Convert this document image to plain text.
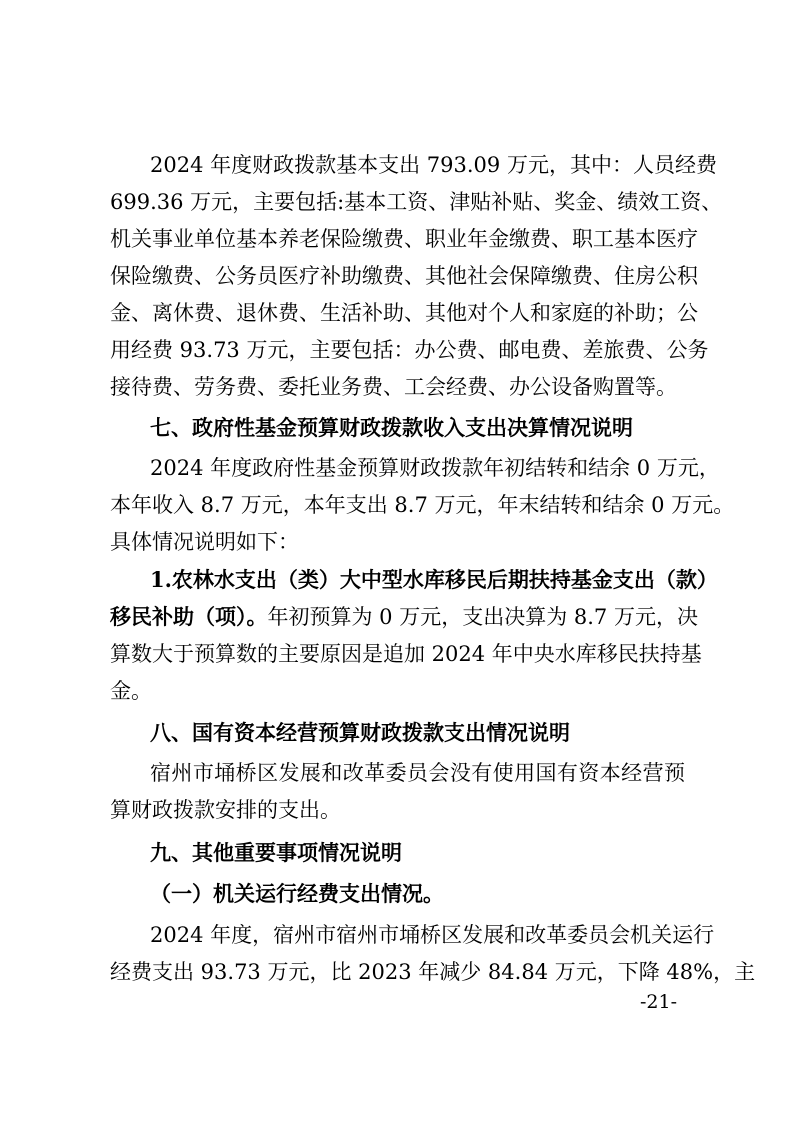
2024 年度财政拨款基本支出 793.09 万元，其中：人员经费
699.36 万元，主要包括:基本工资、津贴补贴、奖金、绩效工资、
机关事业单位基本养老保险缴费、职业年金缴费、职工基本医疗
保险缴费、公务员医疗补助缴费、其他社会保障缴费、住房公积
金、离休费、退休费、生活补助、其他对个人和家庭的补助；公
用经费 93.73 万元，主要包括：办公费、邮电费、差旅费、公务
接待费、劳务费、委托业务费、工会经费、办公设备购置等。
七、政府性基金预算财政拨款收入支出决算情况说明
2024 年度政府性基金预算财政拨款年初结转和结余 0 万元，
本年收入 8.7 万元，本年支出 8.7 万元，年末结转和结余 0 万元。
具体情况说明如下：
1.农林水支出（类）大中型水库移民后期扶持基金支出（款）
移民补助（项）。年初预算为 0 万元，支出决算为 8.7 万元，决
算数大于预算数的主要原因是追加 2024 年中央水库移民扶持基
金。
八、国有资本经营预算财政拨款支出情况说明
宿州市埇桥区发展和改革委员会没有使用国有资本经营预
算财政拨款安排的支出。
九、其他重要事项情况说明
（一）机关运行经费支出情况。
2024 年度，宿州市宿州市埇桥区发展和改革委员会机关运行
经费支出 93.73 万元，比 2023 年减少 84.84 万元，下降 48%，主
-21-
